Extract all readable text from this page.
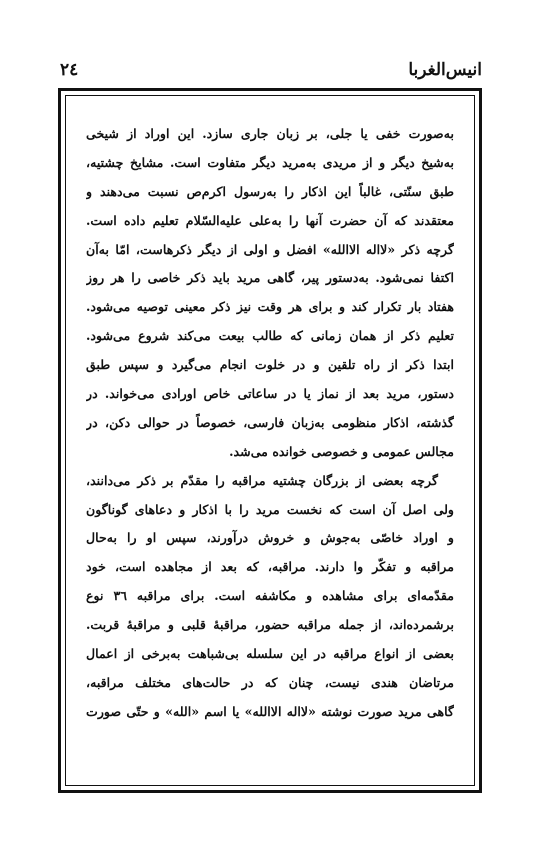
انیس‌الغربا
۲٤
به‌صورت خفی یا جلی، بر زبان جاری سازد. این اوراد از شیخی
به‌شیخ دیگر و از مریدی به‌مرید دیگر متفاوت است. مشایخ چشتیه،
طبق سنّتی، غالباً این اذکار را به‌رسول اکرم‌ص نسبت می‌دهند و
معتقدند که آن حضرت آنها را به‌علی علیه‌السّلام تعلیم داده است.
گرچه ذکر «لااله الاالله» افضل و اولی از دیگر ذکرهاست، امّا به‌آن
اکتفا نمی‌شود. به‌دستور پیر، گاهی مرید باید ذکر خاصی را هر روز
هفتاد بار تکرار کند و برای هر وقت نیز ذکر معینی توصیه می‌شود.
تعلیم ذکر از همان زمانی که طالب بیعت می‌کند شروع می‌شود.
ابتدا ذکر از راه تلقین و در خلوت انجام می‌گیرد و سپس طبق
دستور، مرید بعد از نماز یا در ساعاتی خاص اورادی می‌خواند. در
گذشته، اذکار منظومی به‌زبان فارسی، خصوصاً در حوالی دکن، در
مجالس عمومی و خصوصی خوانده می‌شد.
گرچه بعضی از بزرگان چشتیه مراقبه را مقدّم بر ذکر می‌دانند،
ولی اصل آن است که نخست مرید را با اذکار و دعاهای گوناگون
و اوراد خاصّی به‌جوش و خروش درآورند، سپس او را به‌حال
مراقبه و تفکّر وا دارند. مراقبه، که بعد از مجاهده است، خود
مقدّمه‌ای برای مشاهده و مکاشفه است. برای مراقبه ۳٦ نوع
برشمرده‌اند، از جمله مراقبه حضور، مراقبهٔ قلبی و مراقبهٔ قربت.
بعضی از انواع مراقبه در این سلسله بی‌شباهت به‌برخی از اعمال
مرتاضان هندی نیست، چنان که در حالت‌های مختلف مراقبه،
گاهی مرید صورت نوشته «لااله الاالله» یا اسم «الله» و حتّی صورت
